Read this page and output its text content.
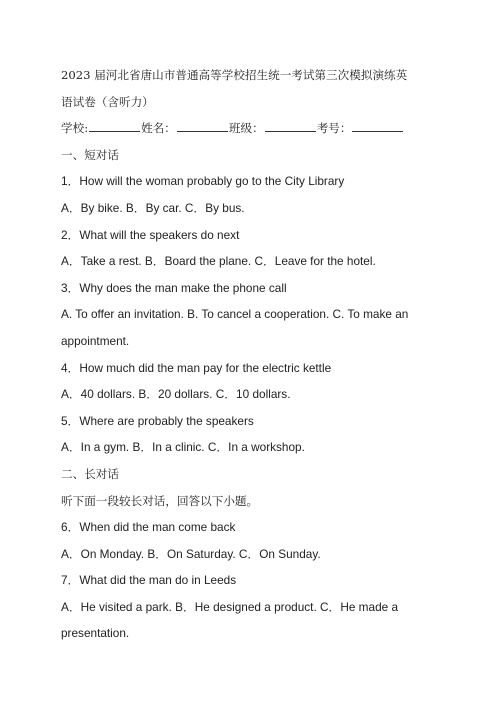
2023 届河北省唐山市普通高等学校招生统一考试第三次模拟演练英
语试卷（含听力）
学校:	姓名：	班级：	考号：
一、短对话
1．How will the woman probably go to the City Library
A．By bike. B．By car. C．By bus.
2．What will the speakers do next
A．Take a rest. B．Board the plane. C．Leave for the hotel.
3．Why does the man make the phone call
A. To offer an invitation. B. To cancel a cooperation. C. To make an appointment.
4．How much did the man pay for the electric kettle
A．40 dollars. B．20 dollars. C．10 dollars.
5．Where are probably the speakers
A．In a gym. B．In a clinic. C．In a workshop.
二、长对话
听下面一段较长对话，回答以下小题。
6．When did the man come back
A．On Monday. B．On Saturday. C．On Sunday.
7．What did the man do in Leeds
A．He visited a park. B．He designed a product. C．He made a presentation.
